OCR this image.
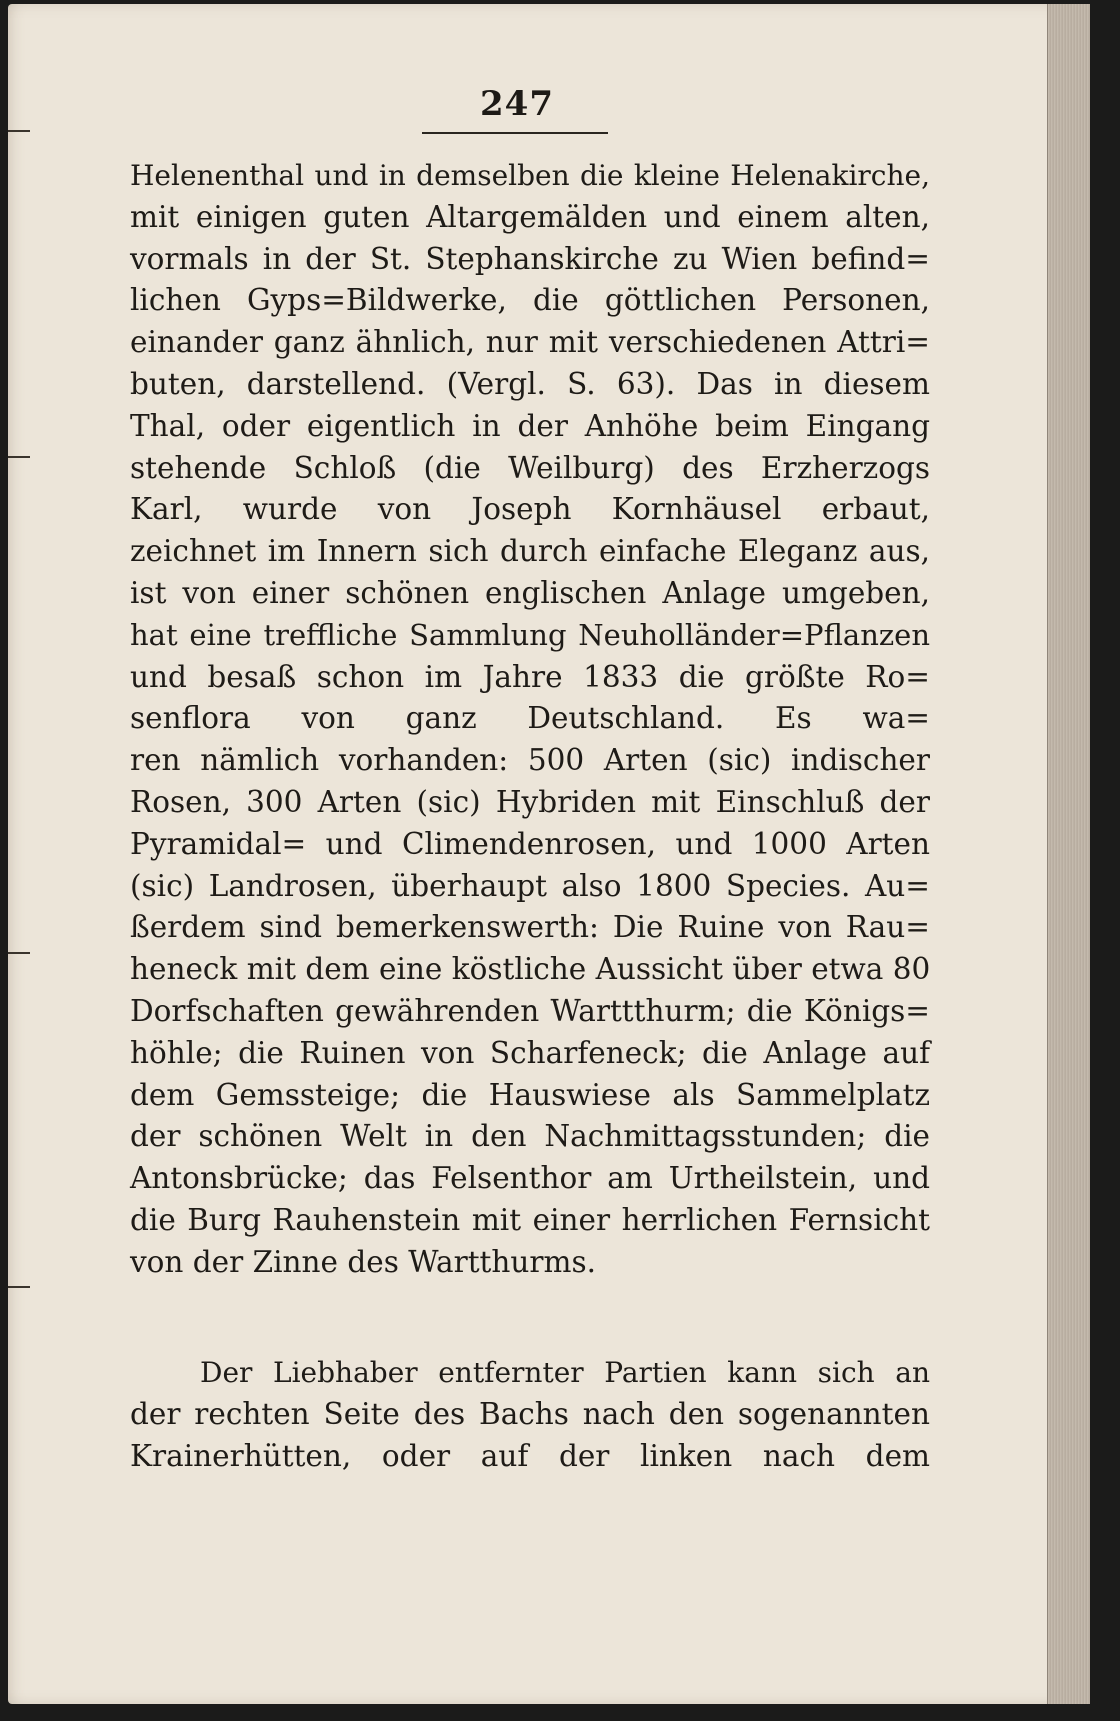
247
Helenenthal und in demselben die kleine Helenakirche,
mit einigen guten Altargemälden und einem alten,
vormals in der St. Stephanskirche zu Wien befind=
lichen Gyps=Bildwerke, die göttlichen Personen,
einander ganz ähnlich, nur mit verschiedenen Attri=
buten, darstellend. (Vergl. S. 63). Das in diesem
Thal, oder eigentlich in der Anhöhe beim Eingang
stehende Schloß (die Weilburg) des Erzherzogs
Karl, wurde von Joseph Kornhäusel erbaut,
zeichnet im Innern sich durch einfache Eleganz aus,
ist von einer schönen englischen Anlage umgeben,
hat eine treffliche Sammlung Neuholländer=Pflanzen
und besaß schon im Jahre 1833 die größte Ro=
senflora von ganz Deutschland. Es wa=
ren nämlich vorhanden: 500 Arten (sic) indischer
Rosen, 300 Arten (sic) Hybriden mit Einschluß der
Pyramidal= und Climendenrosen, und 1000 Arten
(sic) Landrosen, überhaupt also 1800 Species. Au=
ßerdem sind bemerkenswerth: Die Ruine von Rau=
heneck mit dem eine köstliche Aussicht über etwa 80
Dorfschaften gewährenden Warttthurm; die Königs=
höhle; die Ruinen von Scharfeneck; die Anlage auf
dem Gemssteige; die Hauswiese als Sammelplatz
der schönen Welt in den Nachmittagsstunden; die
Antonsbrücke; das Felsenthor am Urtheilstein, und
die Burg Rauhenstein mit einer herrlichen Fernsicht
von der Zinne des Wartthurms.
Der Liebhaber entfernter Partien kann sich an
der rechten Seite des Bachs nach den sogenannten
Krainerhütten, oder auf der linken nach dem
